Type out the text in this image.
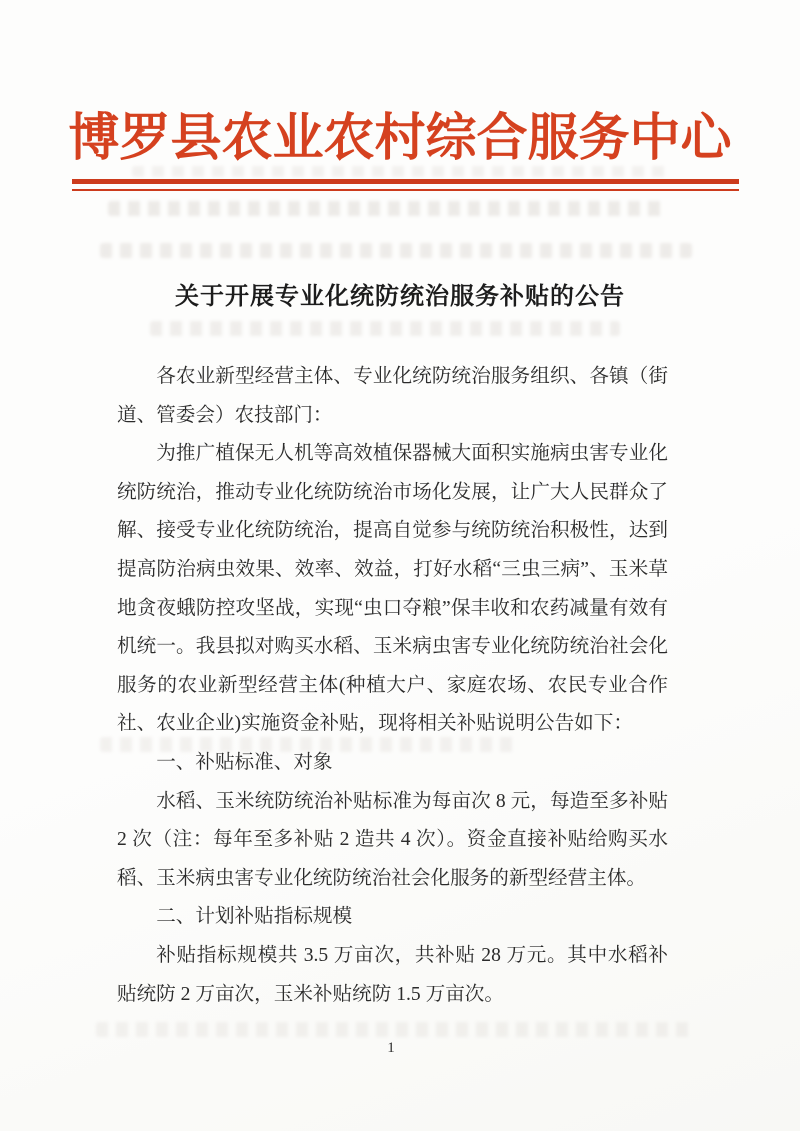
博罗县农业农村综合服务中心
关于开展专业化统防统治服务补贴的公告

各农业新型经营主体、专业化统防统治服务组织、各镇（街道、管委会）农技部门：

为推广植保无人机等高效植保器械大面积实施病虫害专业化统防统治，推动专业化统防统治市场化发展，让广大人民群众了解、接受专业化统防统治，提高自觉参与统防统治积极性，达到提高防治病虫效果、效率、效益，打好水稻“三虫三病”、玉米草地贪夜蛾防控攻坚战，实现“虫口夺粮”保丰收和农药减量有效有机统一。我县拟对购买水稻、玉米病虫害专业化统防统治社会化服务的农业新型经营主体(种植大户、家庭农场、农民专业合作社、农业企业)实施资金补贴，现将相关补贴说明公告如下：

一、补贴标准、对象

水稻、玉米统防统治补贴标准为每亩次 8 元，每造至多补贴 2 次（注：每年至多补贴 2 造共 4 次）。资金直接补贴给购买水稻、玉米病虫害专业化统防统治社会化服务的新型经营主体。

二、计划补贴指标规模

补贴指标规模共 3.5 万亩次，共补贴 28 万元。其中水稻补贴统防 2 万亩次，玉米补贴统防 1.5 万亩次。

1
